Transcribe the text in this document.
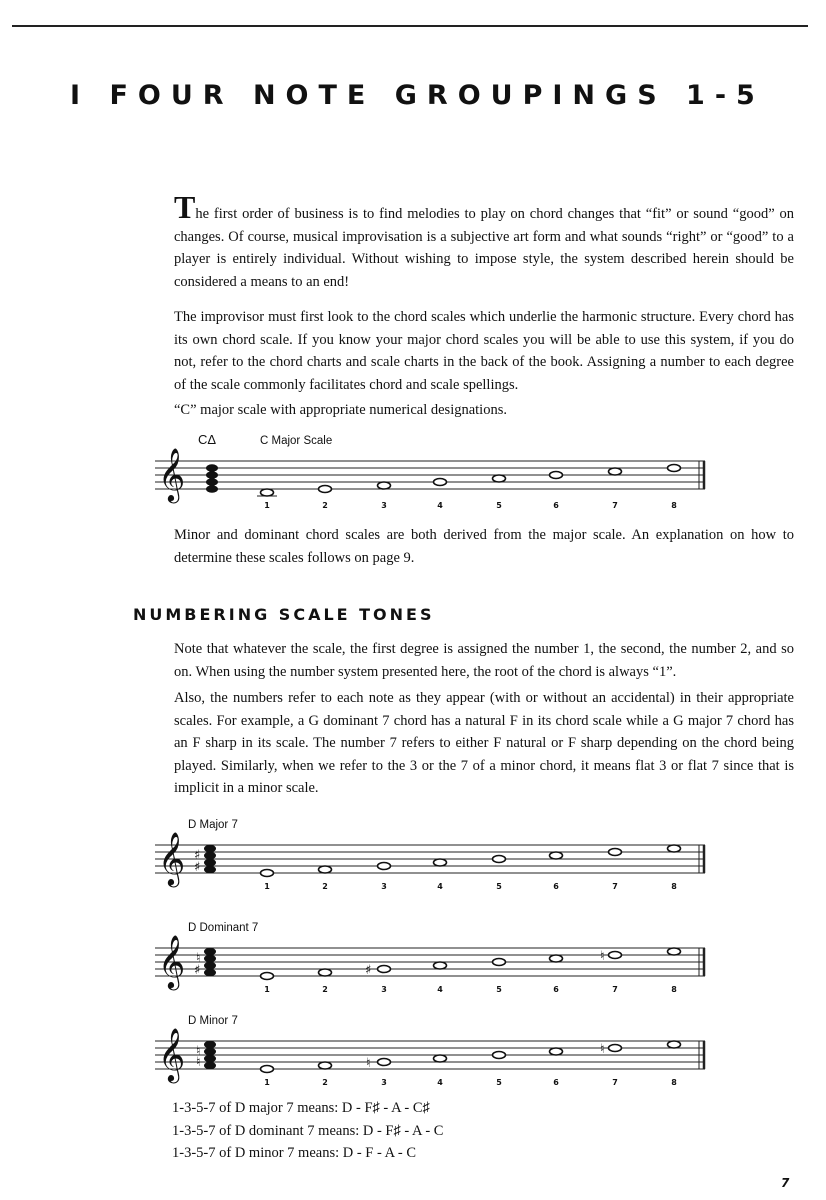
I FOUR NOTE GROUPINGS 1-5

The first order of business is to find melodies to play on chord changes that “fit” or sound “good” on changes. Of course, musical improvisation is a subjective art form and what sounds “right” or “good” to a player is entirely individual. Without wishing to impose style, the system described herein should be considered a means to an end!

The improvisor must first look to the chord scales which underlie the harmonic structure. Every chord has its own chord scale. If you know your major chord scales you will be able to use this system, if you do not, refer to the chord charts and scale charts in the back of the book. Assigning a number to each degree of the scale commonly facilitates chord and scale spellings.

“C” major scale with appropriate numerical designations.

CΔ	C Major Scale
𝄞
1	2	3	4	5	6	7	8

Minor and dominant chord scales are both derived from the major scale. An explanation on how to determine these scales follows on page 9.

NUMBERING SCALE TONES

Note that whatever the scale, the first degree is assigned the number 1, the second, the number 2, and so on. When using the number system presented here, the root of the chord is always “1”.

Also, the numbers refer to each note as they appear (with or without an accidental) in their appropriate scales. For example, a G dominant 7 chord has a natural F in its chord scale while a G major 7 chord has an F sharp in its scale. The number 7 refers to either F natural or F sharp depending on the chord being played. Similarly, when we refer to the 3 or the 7 of a minor chord, it means flat 3 or flat 7 since that is implicit in a minor scale.

D Major 7
𝄞 ♯
♯
1	2	3	4	5	6	7	8
D Dominant 7
𝄞 ♮
♯	♯
♮
1	2	3	4	5	6	7	8
D Minor 7
𝄞 ♮
♮	♮
♮
1	2	3	4	5	6	7	8

1-3-5-7 of D major 7 means: D - F♯ - A - C♯

1-3-5-7 of D dominant 7 means: D - F♯ - A - C

1-3-5-7 of D minor 7 means: D - F - A - C

7
